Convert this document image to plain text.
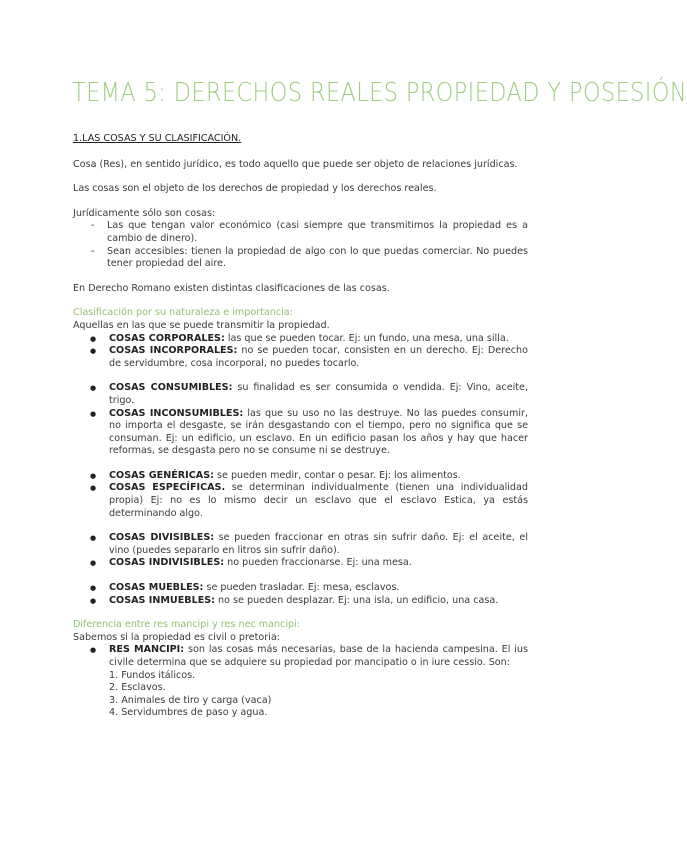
TEMA 5: DERECHOS REALES PROPIEDAD Y POSESIÓN
1.LAS COSAS Y SU CLASIFICACIÓN.

Cosa (Res), en sentido jurídico, es todo aquello que puede ser objeto de relaciones jurídicas.

Las cosas son el objeto de los derechos de propiedad y los derechos reales.

Jurídicamente sólo son cosas:

- Las que tengan valor económico (casi siempre que transmitimos la propiedad es a cambio de dinero).
- Sean accesibles: tienen la propiedad de algo con lo que puedas comerciar. No puedes tener propiedad del aire.

En Derecho Romano existen distintas clasificaciones de las cosas.

Clasificación por su naturaleza e importancia:

Aquellas en las que se puede transmitir la propiedad.

● COSAS CORPORALES: las que se pueden tocar. Ej: un fundo, una mesa, una silla.
● COSAS INCORPORALES: no se pueden tocar, consisten en un derecho. Ej: Derecho de servidumbre, cosa incorporal, no puedes tocarlo.
● COSAS CONSUMIBLES: su finalidad es ser consumida o vendida. Ej: Vino, aceite, trigo.
● COSAS INCONSUMIBLES: las que su uso no las destruye. No las puedes consumir, no importa el desgaste, se irán desgastando con el tiempo, pero no significa que se consuman. Ej: un edificio, un esclavo. En un edificio pasan los años y hay que hacer reformas, se desgasta pero no se consume ni se destruye.
● COSAS GENÉRICAS: se pueden medir, contar o pesar. Ej: los alimentos.
● COSAS ESPECÍFICAS. se determinan individualmente (tienen una individualidad propia) Ej: no es lo mismo decir un esclavo que el esclavo Estica, ya estás determinando algo.
● COSAS DIVISIBLES: se pueden fraccionar en otras sin sufrir daño. Ej: el aceite, el vino (puedes separarlo en litros sin sufrir daño).
● COSAS INDIVISIBLES: no pueden fraccionarse. Ej: una mesa.
● COSAS MUEBLES: se pueden trasladar. Ej: mesa, esclavos.
● COSAS INMUEBLES: no se pueden desplazar. Ej: una isla, un edificio, una casa.

Diferencia entre res mancipi y res nec mancipi:

Sabemos si la propiedad es civil o pretoria:

● RES MANCIPI: son las cosas más necesarias, base de la hacienda campesina. El ius civile determina que se adquiere su propiedad por mancipatio o in iure cessio. Son:
1. Fundos itálicos.
2. Esclavos.
3. Animales de tiro y carga (vaca)
4. Servidumbres de paso y agua.
